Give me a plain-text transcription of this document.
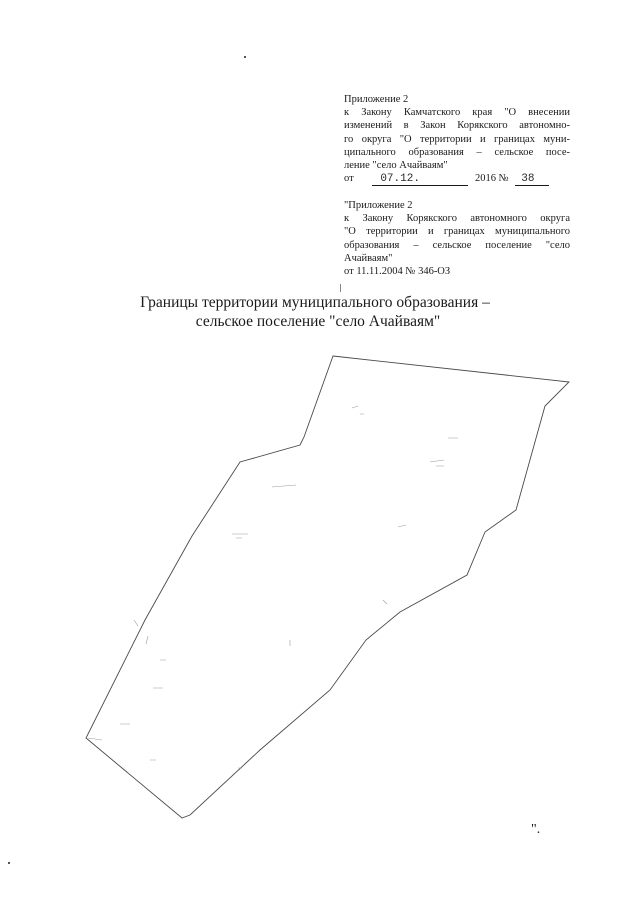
Приложение 2
к Закону Камчатского края "О внесении
изменений в Закон Корякского автономно-
го округа "О территории и границах муни-
ципального образования – сельское посе-
ление "село Ачайваям"
от 07.12.	2016 № 38
"Приложение 2
к Закону Корякского автономного округа
"О территории и границах муниципального
образования – сельское поселение "село
Ачайваям"
от 11.11.2004 № 346-ОЗ
Границы территории муниципального образования –
сельское поселение "село Ачайваям"
".
